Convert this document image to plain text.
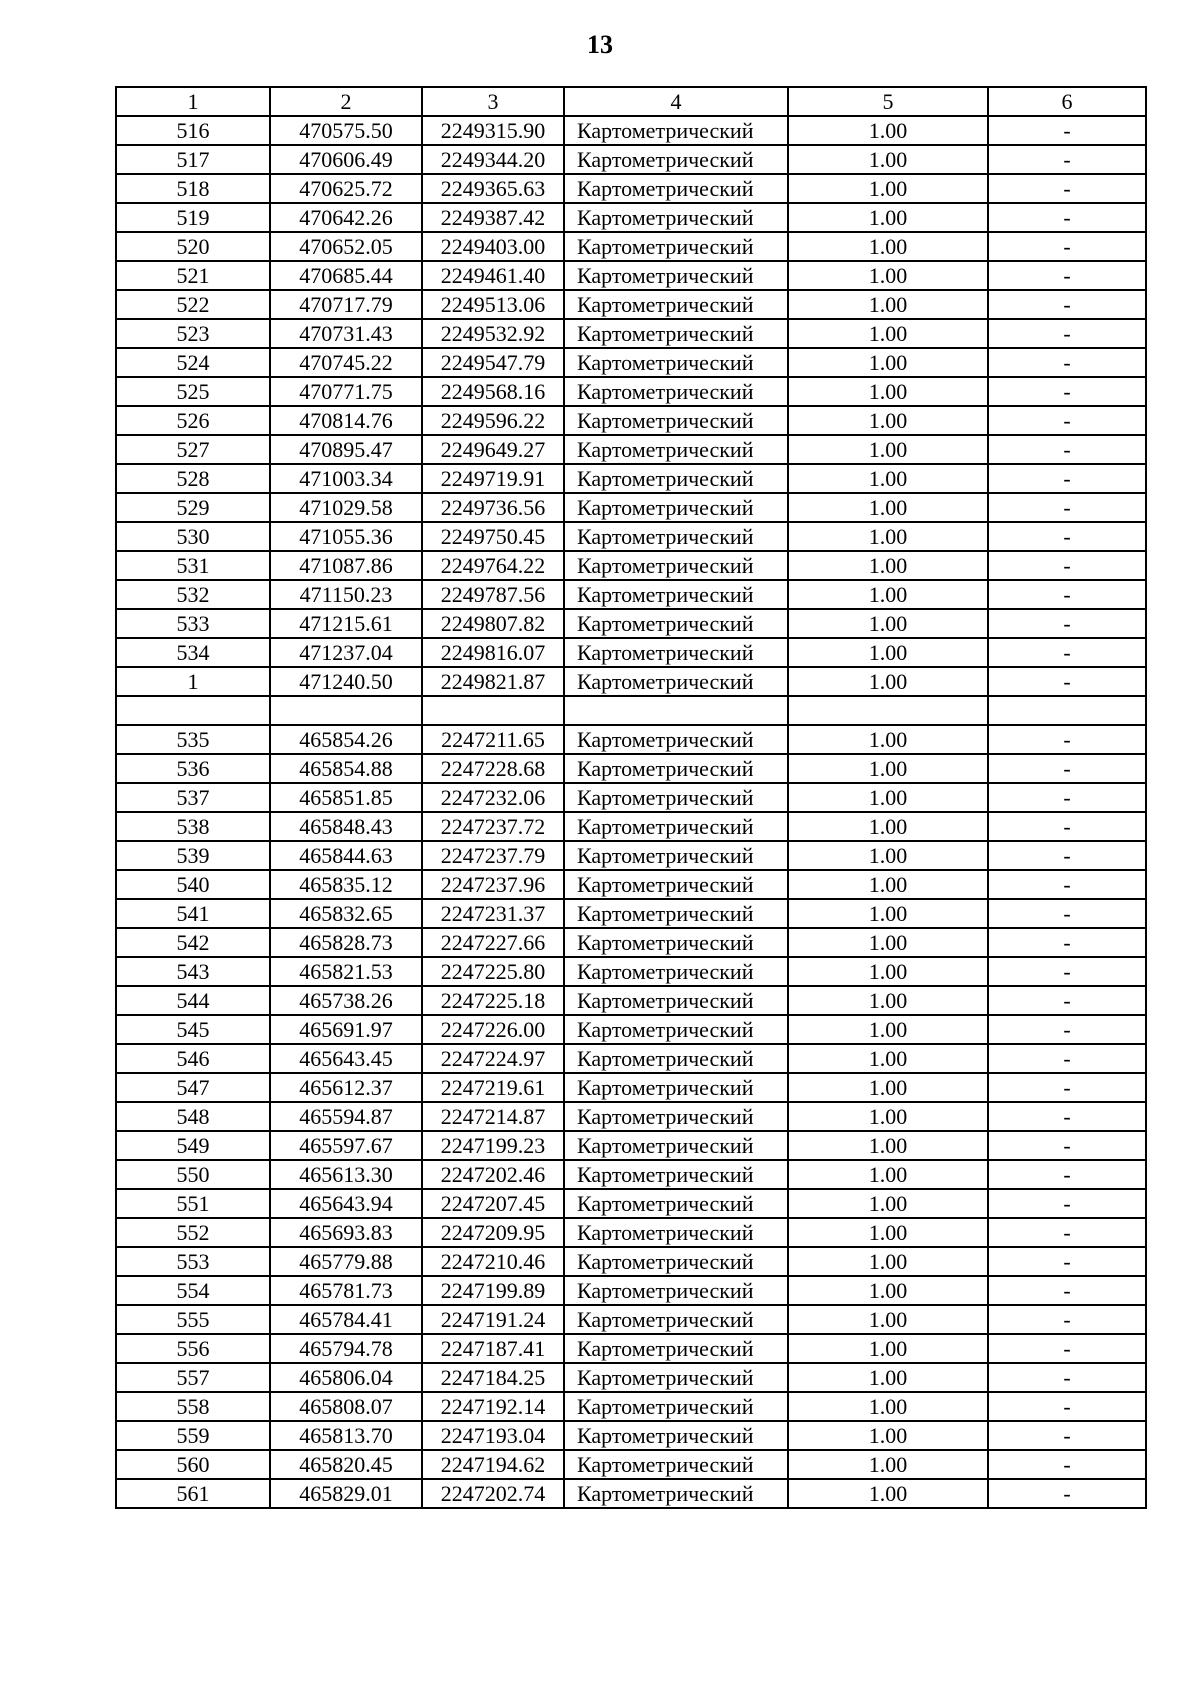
13
1	2	3	4	5	6
516	470575.50	2249315.90	Картометрический	1.00	-
517	470606.49	2249344.20	Картометрический	1.00	-
518	470625.72	2249365.63	Картометрический	1.00	-
519	470642.26	2249387.42	Картометрический	1.00	-
520	470652.05	2249403.00	Картометрический	1.00	-
521	470685.44	2249461.40	Картометрический	1.00	-
522	470717.79	2249513.06	Картометрический	1.00	-
523	470731.43	2249532.92	Картометрический	1.00	-
524	470745.22	2249547.79	Картометрический	1.00	-
525	470771.75	2249568.16	Картометрический	1.00	-
526	470814.76	2249596.22	Картометрический	1.00	-
527	470895.47	2249649.27	Картометрический	1.00	-
528	471003.34	2249719.91	Картометрический	1.00	-
529	471029.58	2249736.56	Картометрический	1.00	-
530	471055.36	2249750.45	Картометрический	1.00	-
531	471087.86	2249764.22	Картометрический	1.00	-
532	471150.23	2249787.56	Картометрический	1.00	-
533	471215.61	2249807.82	Картометрический	1.00	-
534	471237.04	2249816.07	Картометрический	1.00	-
1	471240.50	2249821.87	Картометрический	1.00	-

535	465854.26	2247211.65	Картометрический	1.00	-
536	465854.88	2247228.68	Картометрический	1.00	-
537	465851.85	2247232.06	Картометрический	1.00	-
538	465848.43	2247237.72	Картометрический	1.00	-
539	465844.63	2247237.79	Картометрический	1.00	-
540	465835.12	2247237.96	Картометрический	1.00	-
541	465832.65	2247231.37	Картометрический	1.00	-
542	465828.73	2247227.66	Картометрический	1.00	-
543	465821.53	2247225.80	Картометрический	1.00	-
544	465738.26	2247225.18	Картометрический	1.00	-
545	465691.97	2247226.00	Картометрический	1.00	-
546	465643.45	2247224.97	Картометрический	1.00	-
547	465612.37	2247219.61	Картометрический	1.00	-
548	465594.87	2247214.87	Картометрический	1.00	-
549	465597.67	2247199.23	Картометрический	1.00	-
550	465613.30	2247202.46	Картометрический	1.00	-
551	465643.94	2247207.45	Картометрический	1.00	-
552	465693.83	2247209.95	Картометрический	1.00	-
553	465779.88	2247210.46	Картометрический	1.00	-
554	465781.73	2247199.89	Картометрический	1.00	-
555	465784.41	2247191.24	Картометрический	1.00	-
556	465794.78	2247187.41	Картометрический	1.00	-
557	465806.04	2247184.25	Картометрический	1.00	-
558	465808.07	2247192.14	Картометрический	1.00	-
559	465813.70	2247193.04	Картометрический	1.00	-
560	465820.45	2247194.62	Картометрический	1.00	-
561	465829.01	2247202.74	Картометрический	1.00	-
